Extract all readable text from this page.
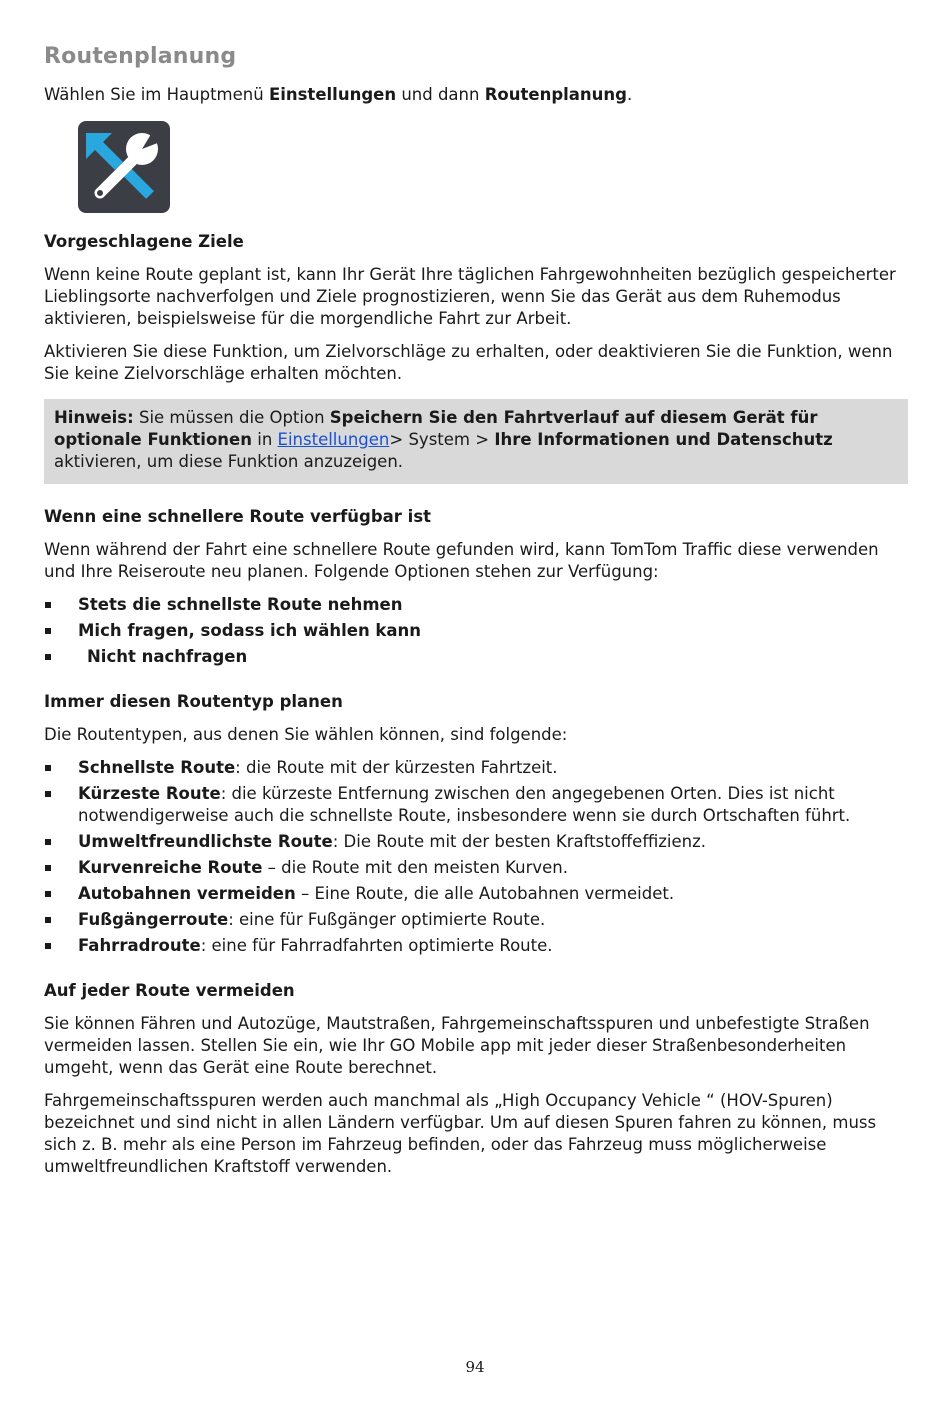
Routenplanung

Wählen Sie im Hauptmenü Einstellungen und dann Routenplanung.

Vorgeschlagene Ziele

Wenn keine Route geplant ist, kann Ihr Gerät Ihre täglichen Fahrgewohnheiten bezüglich gespeicherter Lieblingsorte nachverfolgen und Ziele prognostizieren, wenn Sie das Gerät aus dem Ruhemodus aktivieren, beispielsweise für die morgendliche Fahrt zur Arbeit.

Aktivieren Sie diese Funktion, um Zielvorschläge zu erhalten, oder deaktivieren Sie die Funktion, wenn Sie keine Zielvorschläge erhalten möchten.

Hinweis: Sie müssen die Option Speichern Sie den Fahrtverlauf auf diesem Gerät für optionale Funktionen in Einstellungen> System > Ihre Informationen und Datenschutz aktivieren, um diese Funktion anzuzeigen.

Wenn eine schnellere Route verfügbar ist

Wenn während der Fahrt eine schnellere Route gefunden wird, kann TomTom Traffic diese verwenden und Ihre Reiseroute neu planen. Folgende Optionen stehen zur Verfügung:

Stets die schnellste Route nehmen
Mich fragen, sodass ich wählen kann
Nicht nachfragen

Immer diesen Routentyp planen

Die Routentypen, aus denen Sie wählen können, sind folgende:

Schnellste Route: die Route mit der kürzesten Fahrtzeit.
Kürzeste Route: die kürzeste Entfernung zwischen den angegebenen Orten. Dies ist nicht notwendigerweise auch die schnellste Route, insbesondere wenn sie durch Ortschaften führt.
Umweltfreundlichste Route: Die Route mit der besten Kraftstoffeffizienz.
Kurvenreiche Route – die Route mit den meisten Kurven.
Autobahnen vermeiden – Eine Route, die alle Autobahnen vermeidet.
Fußgängerroute: eine für Fußgänger optimierte Route.
Fahrradroute: eine für Fahrradfahrten optimierte Route.

Auf jeder Route vermeiden

Sie können Fähren und Autozüge, Mautstraßen, Fahrgemeinschaftsspuren und unbefestigte Straßen vermeiden lassen. Stellen Sie ein, wie Ihr GO Mobile app mit jeder dieser Straßenbesonderheiten umgeht, wenn das Gerät eine Route berechnet.

Fahrgemeinschaftsspuren werden auch manchmal als „High Occupancy Vehicle “ (HOV-Spuren) bezeichnet und sind nicht in allen Ländern verfügbar. Um auf diesen Spuren fahren zu können, muss sich z. B. mehr als eine Person im Fahrzeug befinden, oder das Fahrzeug muss möglicherweise umweltfreundlichen Kraftstoff verwenden.

94
